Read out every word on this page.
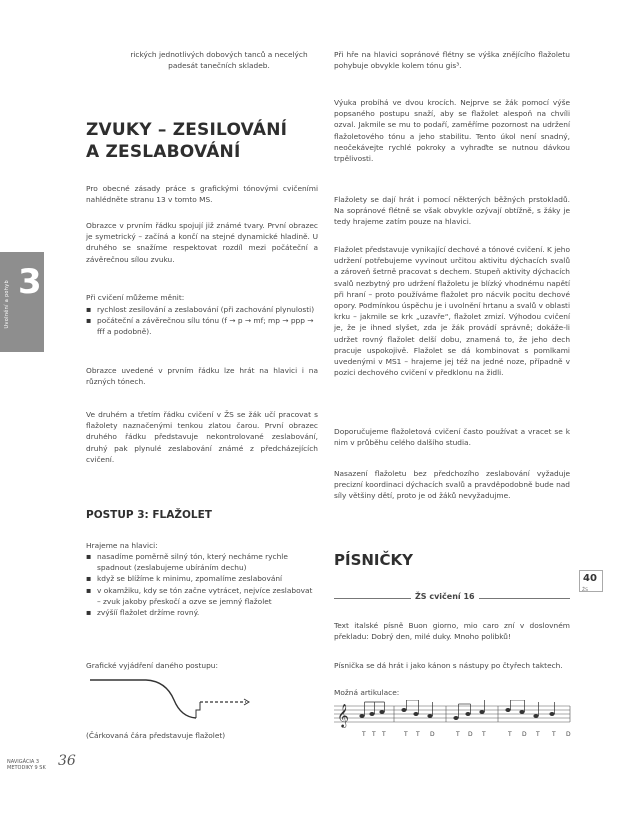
rických jednotlivých dobových tanců a necelých padesát tanečních skladeb.

ZVUKY – ZESILOVÁNÍ
A ZESLABOVÁNÍ

Pro obecné zásady práce s grafickými tónovými cvičeními nahlédněte stranu 13 v tomto MS.

Obrazce v prvním řádku spojují již známé tvary. První obrazec je symetrický – začíná a končí na stejné dynamické hladině. U druhého se snažíme respektovat rozdíl mezi počáteční a závěrečnou sílou zvuku.

Při cvičení můžeme měnit:

▪ rychlost zesilování a zeslabování (při zachování plynulosti)
▪ počáteční a závěrečnou sílu tónu (f → p → mf; mp → ppp → fff a podobně).

Obrazce uvedené v prvním řádku lze hrát na hlavici i na různých tónech.

Ve druhém a třetím řádku cvičení v ŽS se žák učí pracovat s flažolety naznačenými tenkou zlatou čarou. První obrazec druhého řádku představuje nekontrolované zeslabování, druhý pak plynulé zeslabování známé z předcházejících cvičení.

POSTUP 3: FLAŽOLET

Hrajeme na hlavici:

▪ nasadíme poměrně silný tón, který necháme rychle spadnout (zeslabujeme ubíráním dechu)
▪ když se blížíme k minimu, zpomalíme zeslabování
▪ v okamžiku, kdy se tón začne vytrácet, nejvíce zeslabovat – zvuk jakoby přeskočí a ozve se jemný flažolet
▪ zvýšíí flažolet držíme rovný.

Grafické vyjádření daného postupu:

(Čárkovaná čára představuje flažolet)

3
Uvolnění a pohyb
NAVIGÁCIA 3
METODIKY 9 SK 36

Při hře na hlavici sopránové flétny se výška znějícího flažoletu pohybuje obvykle kolem tónu gis³.

Výuka probíhá ve dvou krocích. Nejprve se žák pomocí výše popsaného postupu snaží, aby se flažolet alespoň na chvíli ozval. Jakmile se mu to podaří, zaměříme pozornost na udržení flažoletového tónu a jeho stabilitu. Tento úkol není snadný, neočekávejte rychlé pokroky a vyhraďte se nutnou dávkou trpělivosti.

Flažolety se dají hrát i pomocí některých běžných prstokladů. Na sopránové flétně se však obvykle ozývají obtížně, s žáky je tedy hrajeme zatím pouze na hlavici.

Flažolet představuje vynikající dechové a tónové cvičení. K jeho udržení potřebujeme vyvinout určitou aktivitu dýchacích svalů a zároveň šetrně pracovat s dechem. Stupeň aktivity dýchacích svalů nezbytný pro udržení flažoletu je blízký vhodnému napětí při hraní – proto používáme flažolet pro nácvik pocitu dechové opory. Podmínkou úspěchu je i uvolnění hrtanu a svalů v oblasti krku – jakmile se krk „uzavře“, flažolet zmizí. Výhodou cvičení je, že je ihned slyšet, zda je žák provádí správně; dokáže-li udržet rovný flažolet delší dobu, znamená to, že jeho dech pracuje uspokojivě. Flažolet se dá kombinovat s pomlkami uvedenými v MS1 – hrajeme jej též na jedné noze, případně v pozici dechového cvičení v předklonu na židli.

Doporučujeme flažoletová cvičení často používat a vracet se k nim v průběhu celého dalšího studia.

Nasazení flažoletu bez předchozího zeslabování vyžaduje precizní koordinaci dýchacích svalů a pravděpodobně bude nad síly většiny dětí, proto je od žáků nevyžadujme.

PÍSNIČKY
ŽS cvičení 16
40
ŽS

Text italské písně Buon giorno, mio caro zní v doslovném překladu: Dobrý den, milé duky. Mnoho polibků!

Písnička se dá hrát i jako kánon s nástupy po čtyřech taktech.

Možná artikulace:

𝄞
T T T	T T D	T D T	T D T T D
